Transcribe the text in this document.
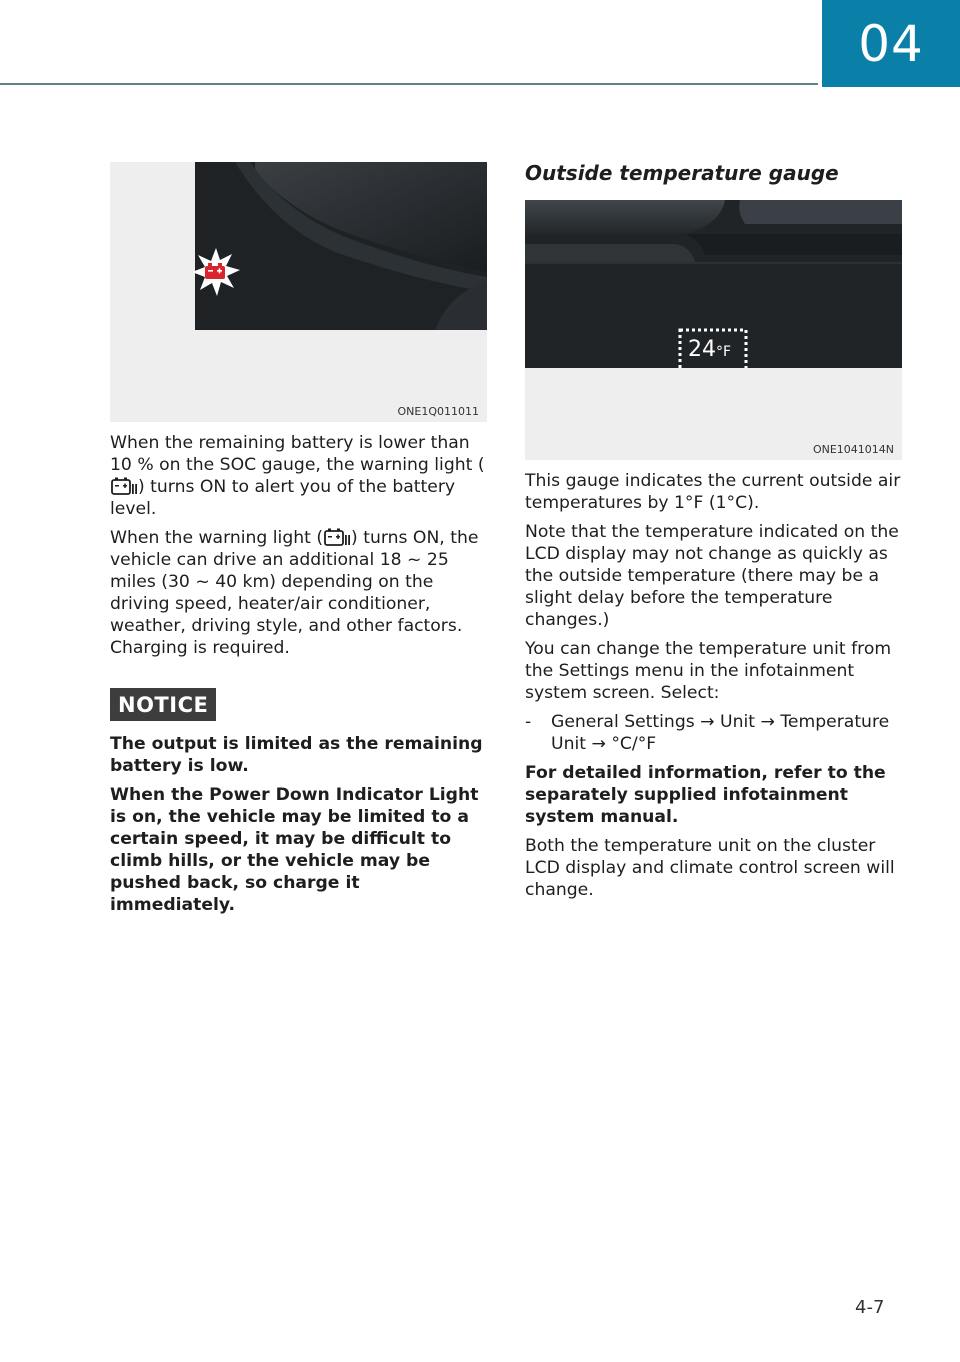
04
ONE1Q011011

When the remaining battery is lower than 10 % on the SOC gauge, the warning light () turns ON to alert you of the battery level.

When the warning light ( ) turns ON, the vehicle can drive an additional 18 ~ 25 miles (30 ~ 40 km) depending on the driving speed, heater/air conditioner, weather, driving style, and other factors. Charging is required.

NOTICE

The output is limited as the remaining battery is low.

When the Power Down Indicator Light is on, the vehicle may be limited to a certain speed, it may be difficult to climb hills, or the vehicle may be pushed back, so charge it immediately.

Outside temperature gauge
24°F
ONE1041014N

This gauge indicates the current outside air temperatures by 1°F (1°C).

Note that the temperature indicated on the LCD display may not change as quickly as the outside temperature (there may be a slight delay before the temperature changes.)

You can change the temperature unit from the Settings menu in the infotainment system screen. Select:

-	General Settings → Unit → Temperature Unit → °C/°F

For detailed information, refer to the separately supplied infotainment system manual.

Both the temperature unit on the cluster LCD display and climate control screen will change.

4-7
